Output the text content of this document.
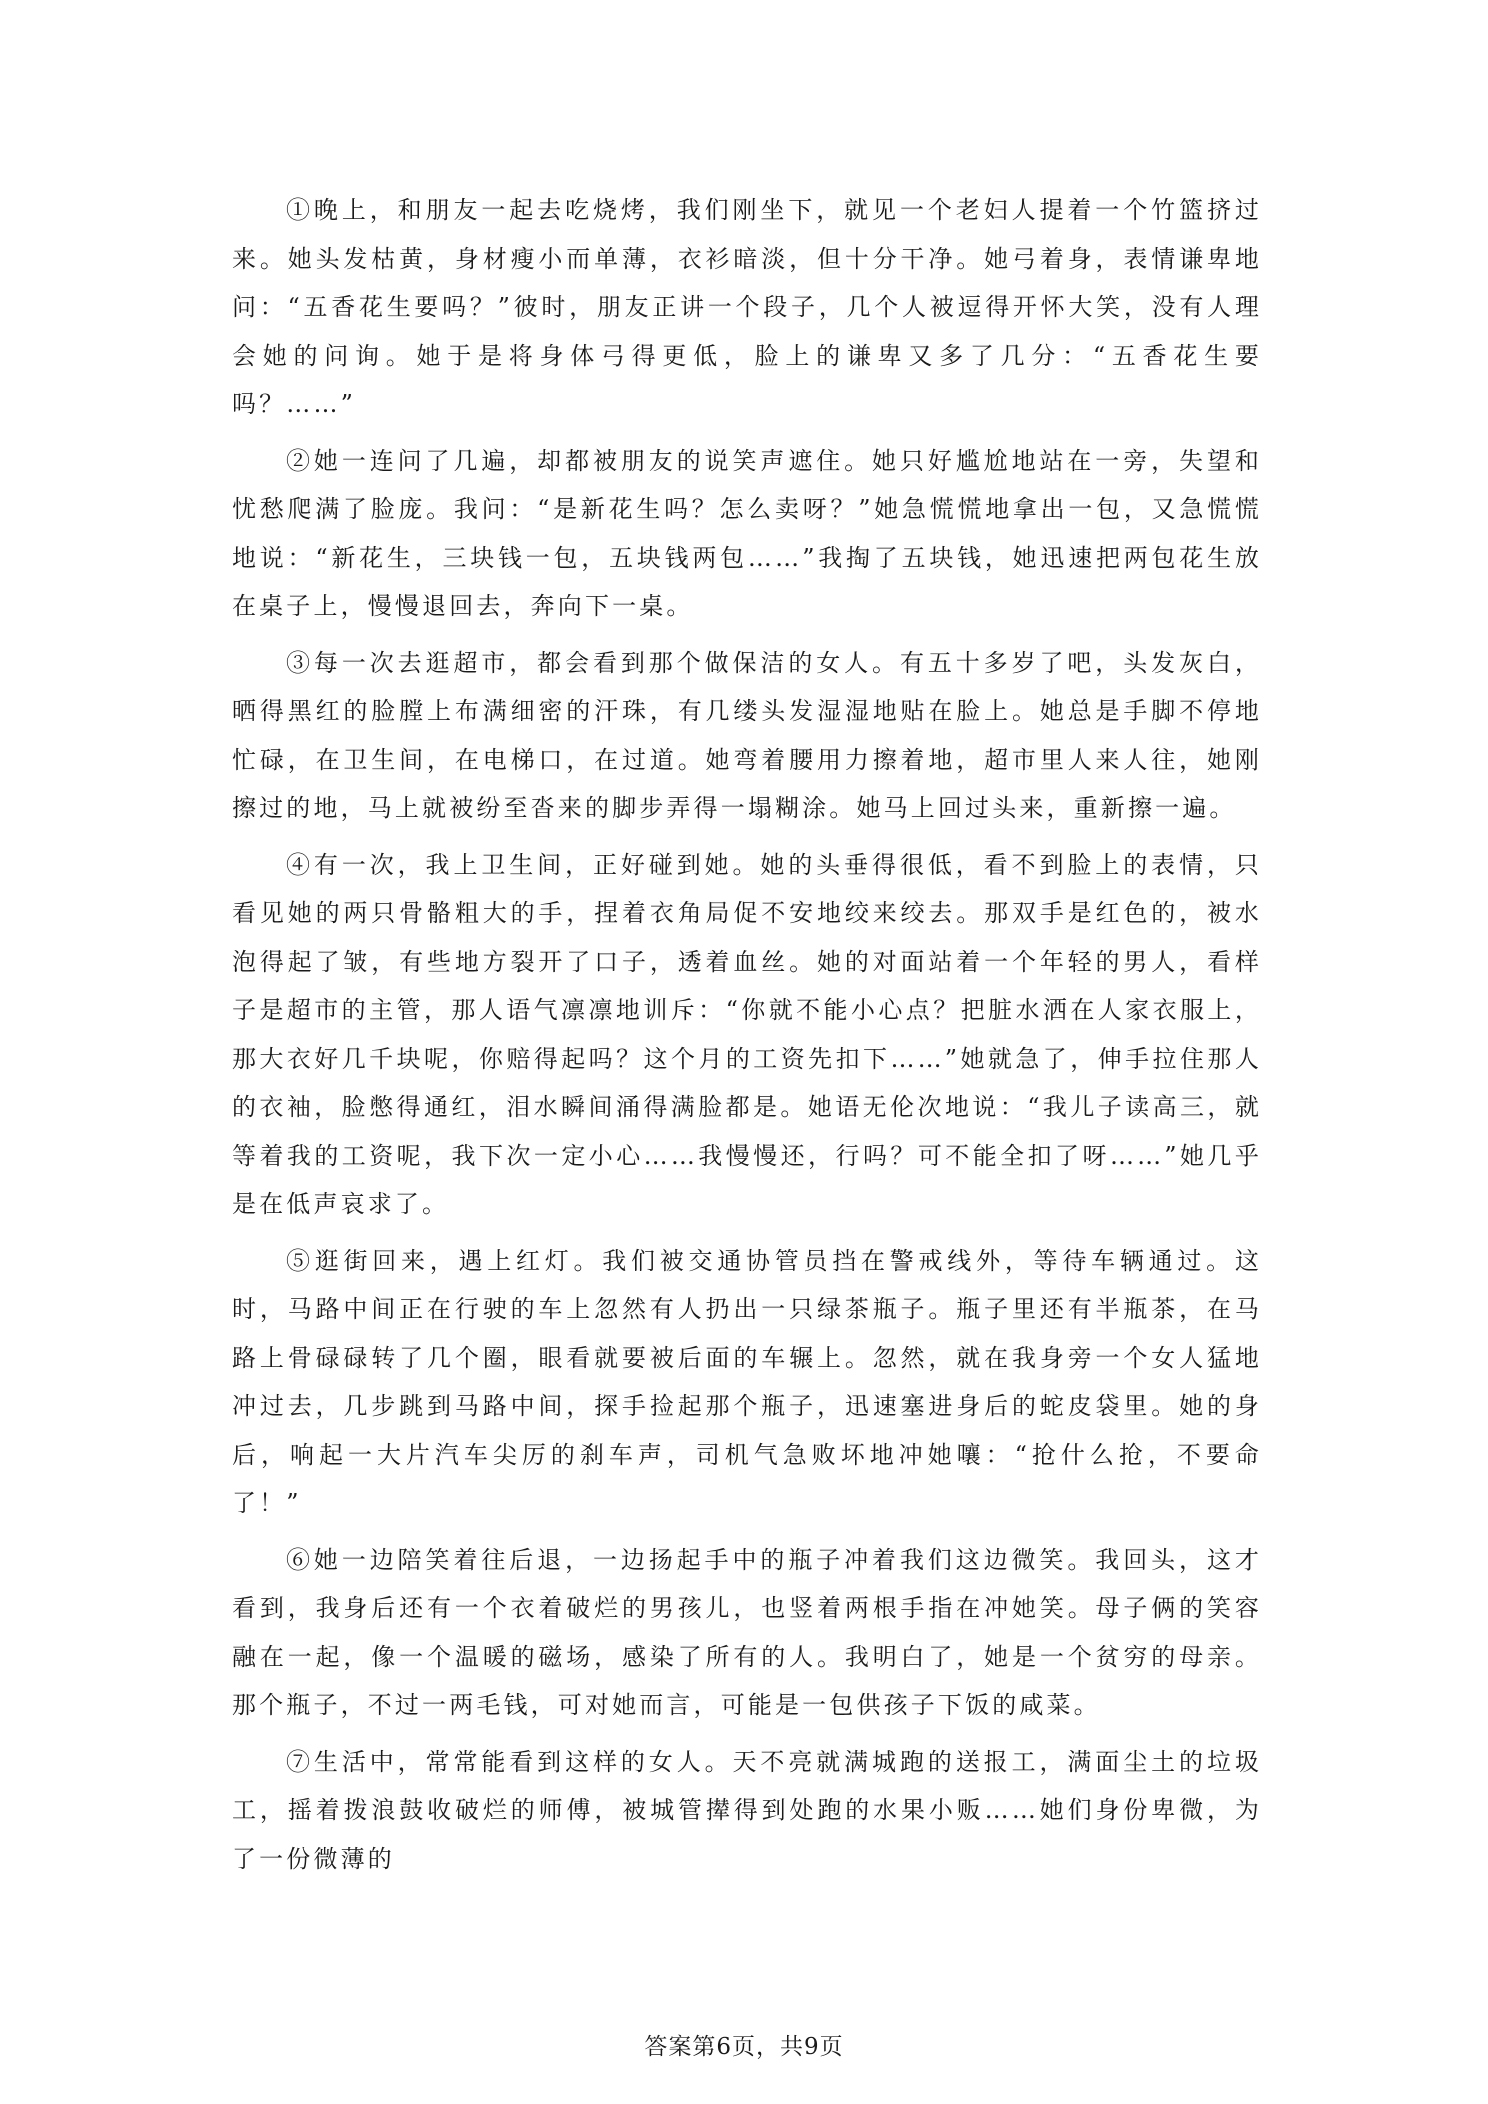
①晚上，和朋友一起去吃烧烤，我们刚坐下，就见一个老妇人提着一个竹篮挤过来。她头发枯黄，身材瘦小而单薄，衣衫暗淡，但十分干净。她弓着身，表情谦卑地问：“五香花生要吗？”彼时，朋友正讲一个段子，几个人被逗得开怀大笑，没有人理会她的问询。她于是将身体弓得更低，脸上的谦卑又多了几分：“五香花生要吗？……”

②她一连问了几遍，却都被朋友的说笑声遮住。她只好尴尬地站在一旁，失望和忧愁爬满了脸庞。我问：“是新花生吗？怎么卖呀？”她急慌慌地拿出一包，又急慌慌地说：“新花生，三块钱一包，五块钱两包……”我掏了五块钱，她迅速把两包花生放在桌子上，慢慢退回去，奔向下一桌。

③每一次去逛超市，都会看到那个做保洁的女人。有五十多岁了吧，头发灰白，晒得黑红的脸膛上布满细密的汗珠，有几缕头发湿湿地贴在脸上。她总是手脚不停地忙碌，在卫生间，在电梯口，在过道。她弯着腰用力擦着地，超市里人来人往，她刚擦过的地，马上就被纷至沓来的脚步弄得一塌糊涂。她马上回过头来，重新擦一遍。

④有一次，我上卫生间，正好碰到她。她的头垂得很低，看不到脸上的表情，只看见她的两只骨骼粗大的手，捏着衣角局促不安地绞来绞去。那双手是红色的，被水泡得起了皱，有些地方裂开了口子，透着血丝。她的对面站着一个年轻的男人，看样子是超市的主管，那人语气凛凛地训斥：“你就不能小心点？把脏水洒在人家衣服上，那大衣好几千块呢，你赔得起吗？这个月的工资先扣下……”她就急了，伸手拉住那人的衣袖，脸憋得通红，泪水瞬间涌得满脸都是。她语无伦次地说：“我儿子读高三，就等着我的工资呢，我下次一定小心……我慢慢还，行吗？可不能全扣了呀……”她几乎是在低声哀求了。

⑤逛街回来，遇上红灯。我们被交通协管员挡在警戒线外，等待车辆通过。这时，马路中间正在行驶的车上忽然有人扔出一只绿茶瓶子。瓶子里还有半瓶茶，在马路上骨碌碌转了几个圈，眼看就要被后面的车辗上。忽然，就在我身旁一个女人猛地冲过去，几步跳到马路中间，探手捡起那个瓶子，迅速塞进身后的蛇皮袋里。她的身后，响起一大片汽车尖厉的刹车声，司机气急败坏地冲她嚷：“抢什么抢，不要命了！”

⑥她一边陪笑着往后退，一边扬起手中的瓶子冲着我们这边微笑。我回头，这才看到，我身后还有一个衣着破烂的男孩儿，也竖着两根手指在冲她笑。母子俩的笑容融在一起，像一个温暖的磁场，感染了所有的人。我明白了，她是一个贫穷的母亲。那个瓶子，不过一两毛钱，可对她而言，可能是一包供孩子下饭的咸菜。

⑦生活中，常常能看到这样的女人。天不亮就满城跑的送报工，满面尘土的垃圾工，摇着拨浪鼓收破烂的师傅，被城管撵得到处跑的水果小贩……她们身份卑微，为了一份微薄的

答案第6页，共9页
